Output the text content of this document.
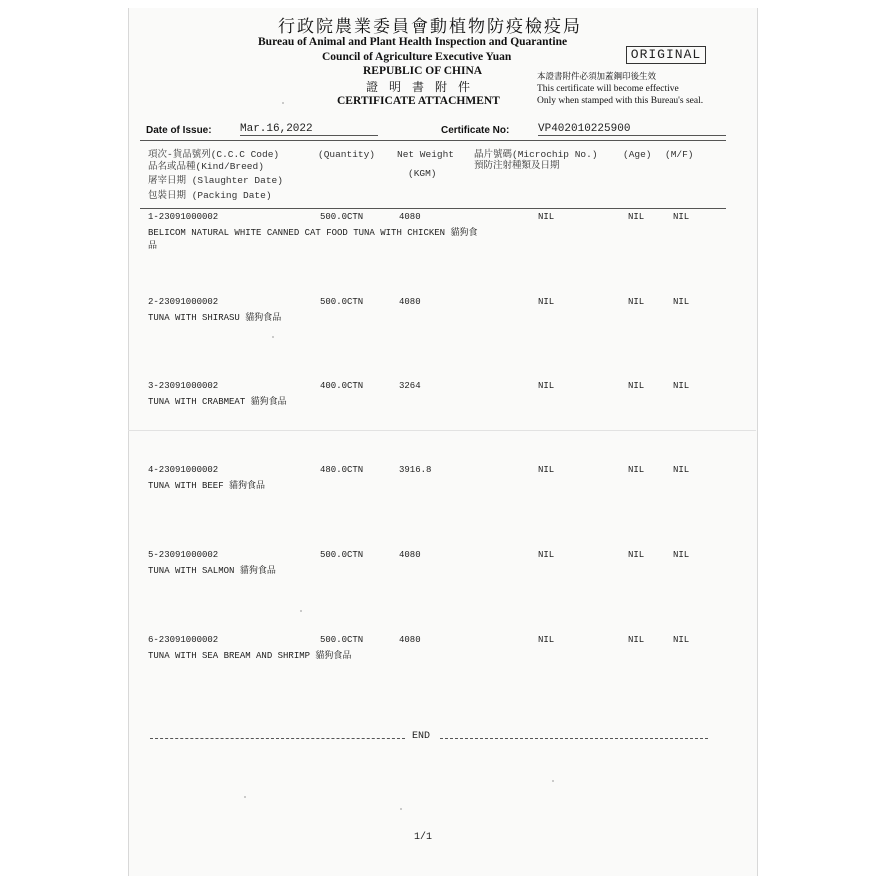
行政院農業委員會動植物防疫檢疫局
Bureau of Animal and Plant Health Inspection and Quarantine
Council of Agriculture Executive Yuan
REPUBLIC OF CHINA
證明書附件
CERTIFICATE ATTACHMENT
ORIGINAL
本證書附件必須加蓋鋼印後生效
This certificate will become effective
Only when stamped with this Bureau's seal.
Date of Issue:	Mar.16,2022	Certificate No:	VP402010225900
項次-貨品號列(C.C.C Code)
品名或品種(Kind/Breed)
屠宰日期 (Slaughter Date)
包裝日期 (Packing Date)
(Quantity) Net Weight
(KGM)
晶片號碼(Microchip No.)
預防注射種類及日期
(Age) (M/F)
1-23091000002
BELICOM NATURAL WHITE CANNED CAT FOOD TUNA WITH CHICKEN 貓狗食
品
500.0CTN	4080	NIL	NIL	NIL
2-23091000002
TUNA WITH SHIRASU 貓狗食品
500.0CTN	4080	NIL	NIL	NIL
3-23091000002
TUNA WITH CRABMEAT 貓狗食品
400.0CTN	3264	NIL	NIL	NIL
4-23091000002
TUNA WITH BEEF 貓狗食品
480.0CTN	3916.8	NIL	NIL	NIL
5-23091000002
TUNA WITH SALMON 貓狗食品
500.0CTN	4080	NIL	NIL	NIL
6-23091000002
TUNA WITH SEA BREAM AND SHRIMP 貓狗食品
500.0CTN	4080	NIL	NIL	NIL
END
1/1
